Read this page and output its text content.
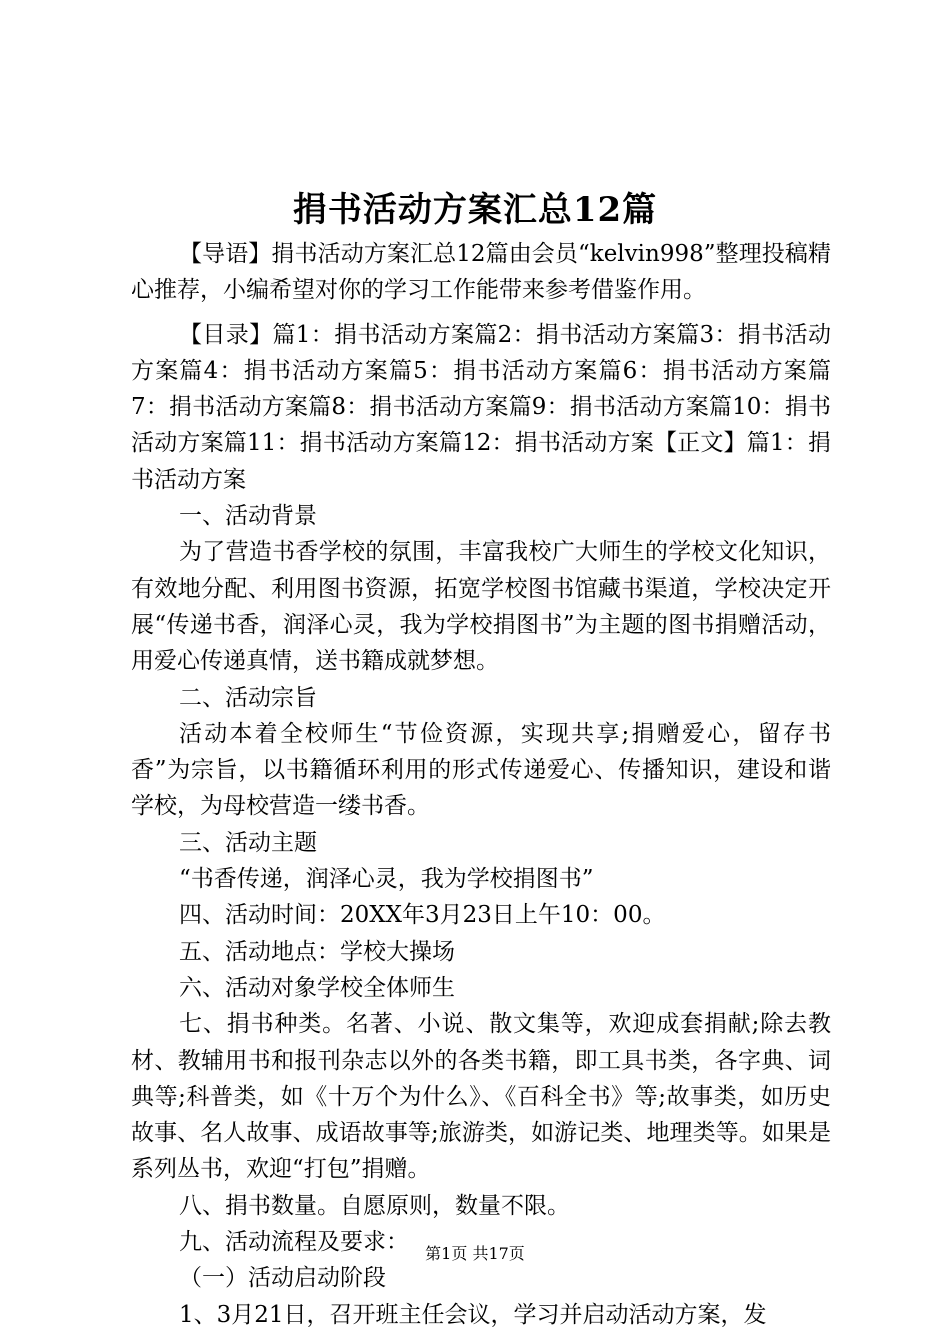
捐书活动方案汇总12篇

【导语】捐书活动方案汇总12篇由会员“kelvin998”整理投稿精心推荐，小编希望对你的学习工作能带来参考借鉴作用。

【目录】篇1：捐书活动方案篇2：捐书活动方案篇3：捐书活动方案篇4：捐书活动方案篇5：捐书活动方案篇6：捐书活动方案篇7：捐书活动方案篇8：捐书活动方案篇9：捐书活动方案篇10：捐书活动方案篇11：捐书活动方案篇12：捐书活动方案【正文】篇1：捐书活动方案

一、活动背景

为了营造书香学校的氛围，丰富我校广大师生的学校文化知识，有效地分配、利用图书资源，拓宽学校图书馆藏书渠道，学校决定开展“传递书香，润泽心灵，我为学校捐图书”为主题的图书捐赠活动，用爱心传递真情，送书籍成就梦想。

二、活动宗旨

活动本着全校师生“节俭资源，实现共享;捐赠爱心，留存书香”为宗旨，以书籍循环利用的形式传递爱心、传播知识，建设和谐学校，为母校营造一缕书香。

三、活动主题

“书香传递，润泽心灵，我为学校捐图书”

四、活动时间：20XX年3月23日上午10：00。

五、活动地点：学校大操场

六、活动对象学校全体师生

七、捐书种类。名著、小说、散文集等，欢迎成套捐献;除去教材、教辅用书和报刊杂志以外的各类书籍，即工具书类，各字典、词典等;科普类，如《十万个为什么》、《百科全书》等;故事类，如历史故事、名人故事、成语故事等;旅游类，如游记类、地理类等。如果是系列丛书，欢迎“打包”捐赠。

八、捐书数量。自愿原则，数量不限。

九、活动流程及要求：

（一）活动启动阶段

1、3月21日，召开班主任会议，学习并启动活动方案，发

第1页 共17页
